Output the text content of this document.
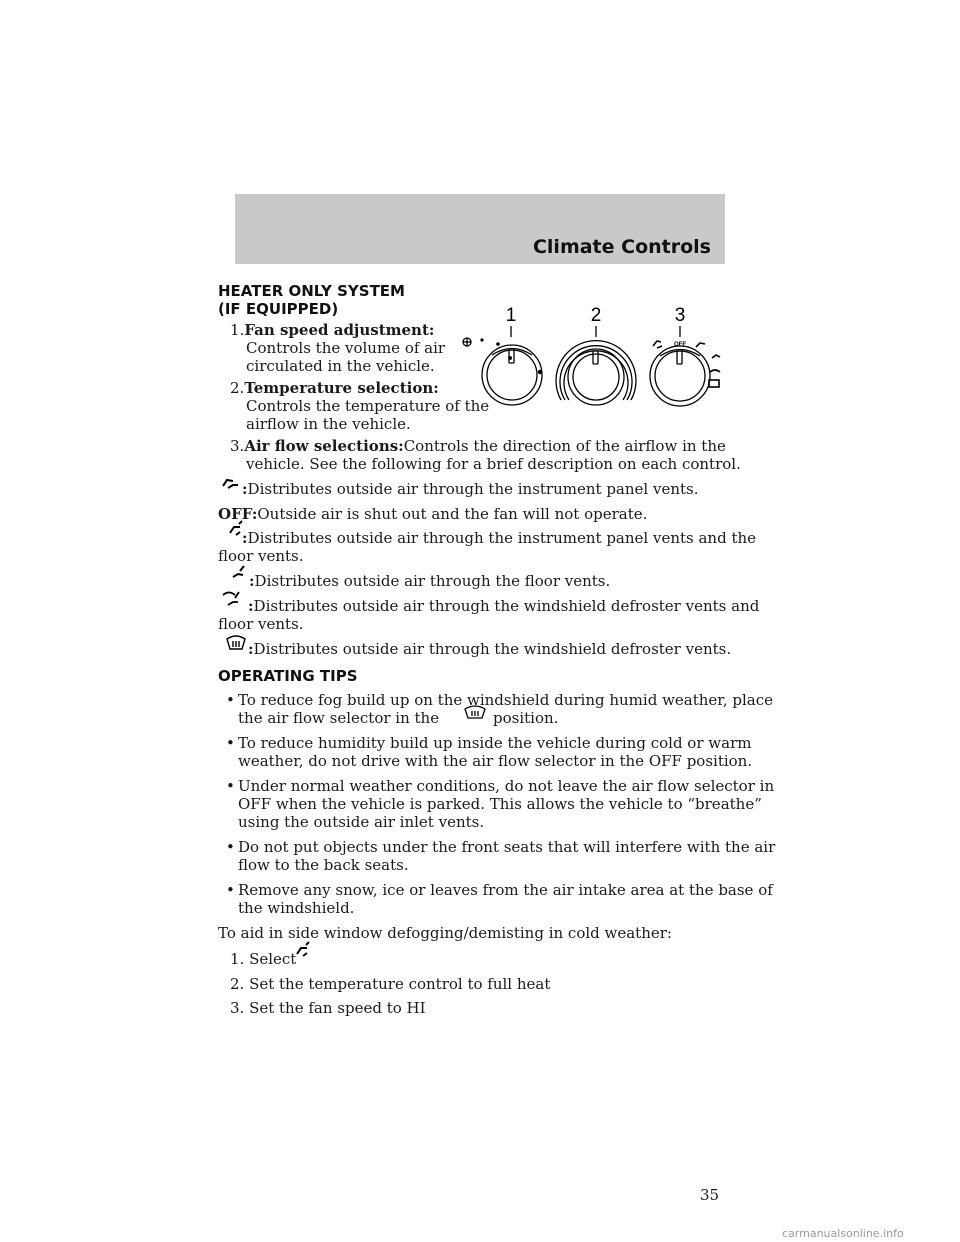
Climate Controls
HEATER ONLY SYSTEM
(IF EQUIPPED)	1	2	3
OFF
1.Fan speed adjustment:
Controls the volume of air
circulated in the vehicle.
2.Temperature selection:
Controls the temperature of the
airflow in the vehicle.
3.Air flow selections:Controls the direction of the airflow in the
vehicle. See the following for a brief description on each control.
:Distributes outside air through the instrument panel vents.
OFF:Outside air is shut out and the fan will not operate.
:Distributes outside air through the instrument panel vents and the
floor vents.
:Distributes outside air through the floor vents.
:Distributes outside air through the windshield defroster vents and
floor vents.
:Distributes outside air through the windshield defroster vents.
OPERATING TIPS
• To reduce fog build up on the windshield during humid weather, place
the air flow selector in the	position.
• To reduce humidity build up inside the vehicle during cold or warm
weather, do not drive with the air flow selector in the OFF position.
• Under normal weather conditions, do not leave the air flow selector in
OFF when the vehicle is parked. This allows the vehicle to “breathe”
using the outside air inlet vents.
• Do not put objects under the front seats that will interfere with the air
flow to the back seats.
• Remove any snow, ice or leaves from the air intake area at the base of
the windshield.
To aid in side window defogging/demisting in cold weather:
1. Select
2. Set the temperature control to full heat
3. Set the fan speed to HI
35
carmanualsonline.info
